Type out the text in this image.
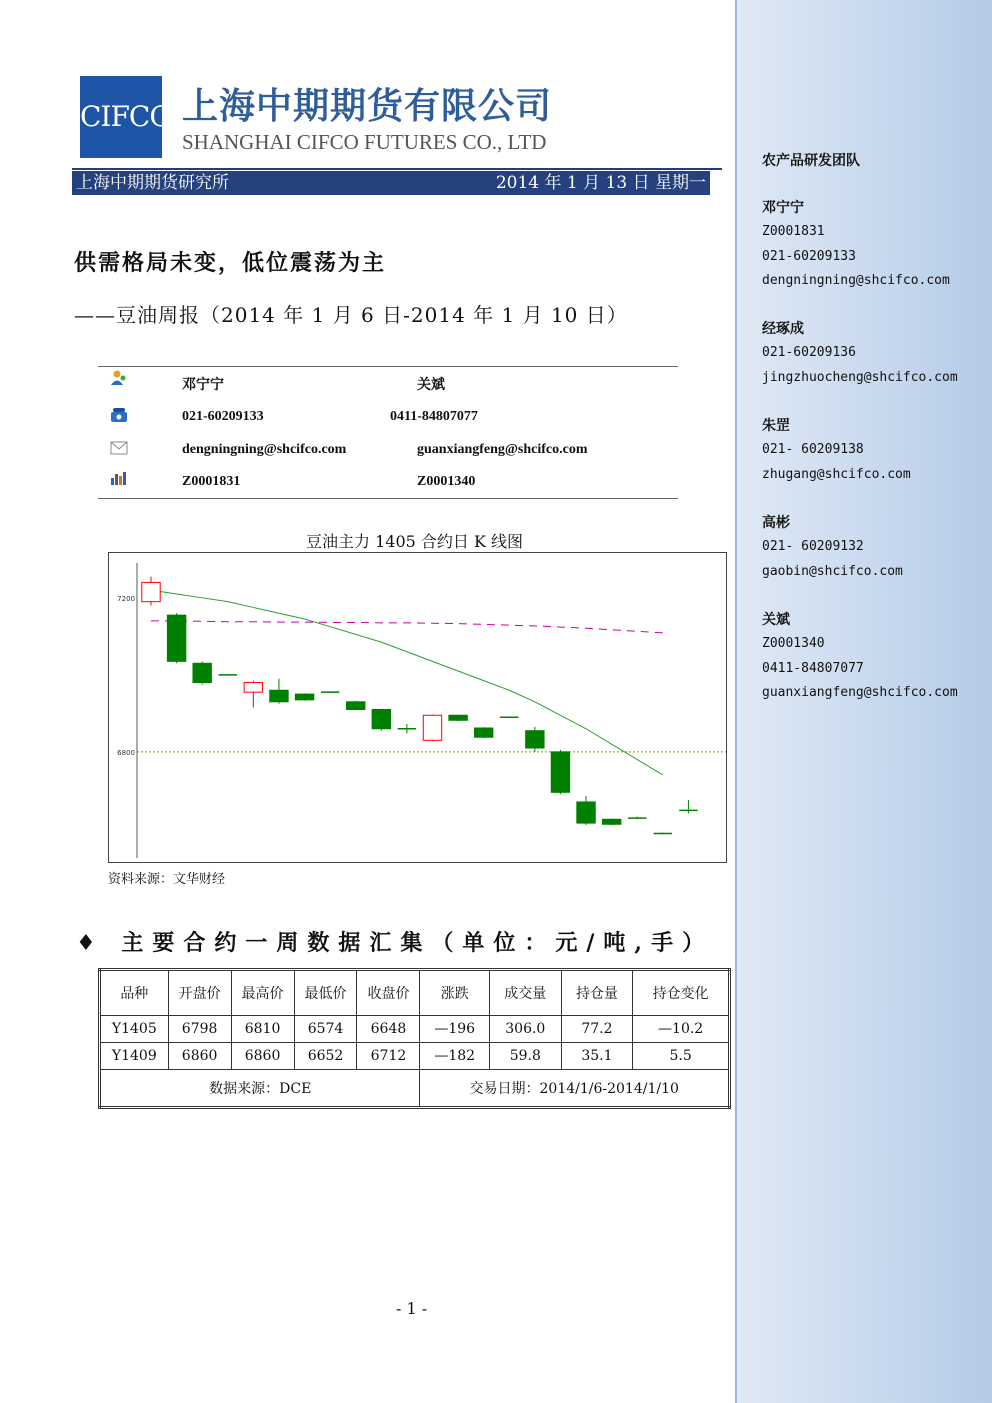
CIFCO 上海中期期货有限公司
SHANGHAI CIFCO FUTURES CO., LTD
上海中期期货研究所	2014 年 1 月 13 日 星期一
供需格局未变，低位震荡为主
——豆油周报（2014 年 1 月 6 日-2014 年 1 月 10 日）
邓宁宁	关斌
021-60209133	0411-84807077
dengningning@shcifco.com	guanxiangfeng@shcifco.com
Z0001831	Z0001340
豆油主力 1405 合约日 K 线图
7200
6800
资料来源：文华财经
♦ 主要合约一周数据汇集（单位：元/吨,手）
品种	开盘价	最高价	最低价	收盘价	涨跌	成交量	持仓量	持仓变化
Y1405	6798	6810	6574	6648	—196	306.0	77.2	—10.2
Y1409	6860	6860	6652	6712	—182	59.8	35.1	5.5
数据来源：DCE					交易日期：2014/1/6-2014/1/10			
- 1 -
农产品研发团队
邓宁宁
Z0001831
021-60209133
dengningning@shcifco.com
经琢成
021-60209136
jingzhuocheng@shcifco.com
朱罡
021- 60209138
zhugang@shcifco.com
高彬
021- 60209132
gaobin@shcifco.com
关斌
Z0001340
0411-84807077
guanxiangfeng@shcifco.com
